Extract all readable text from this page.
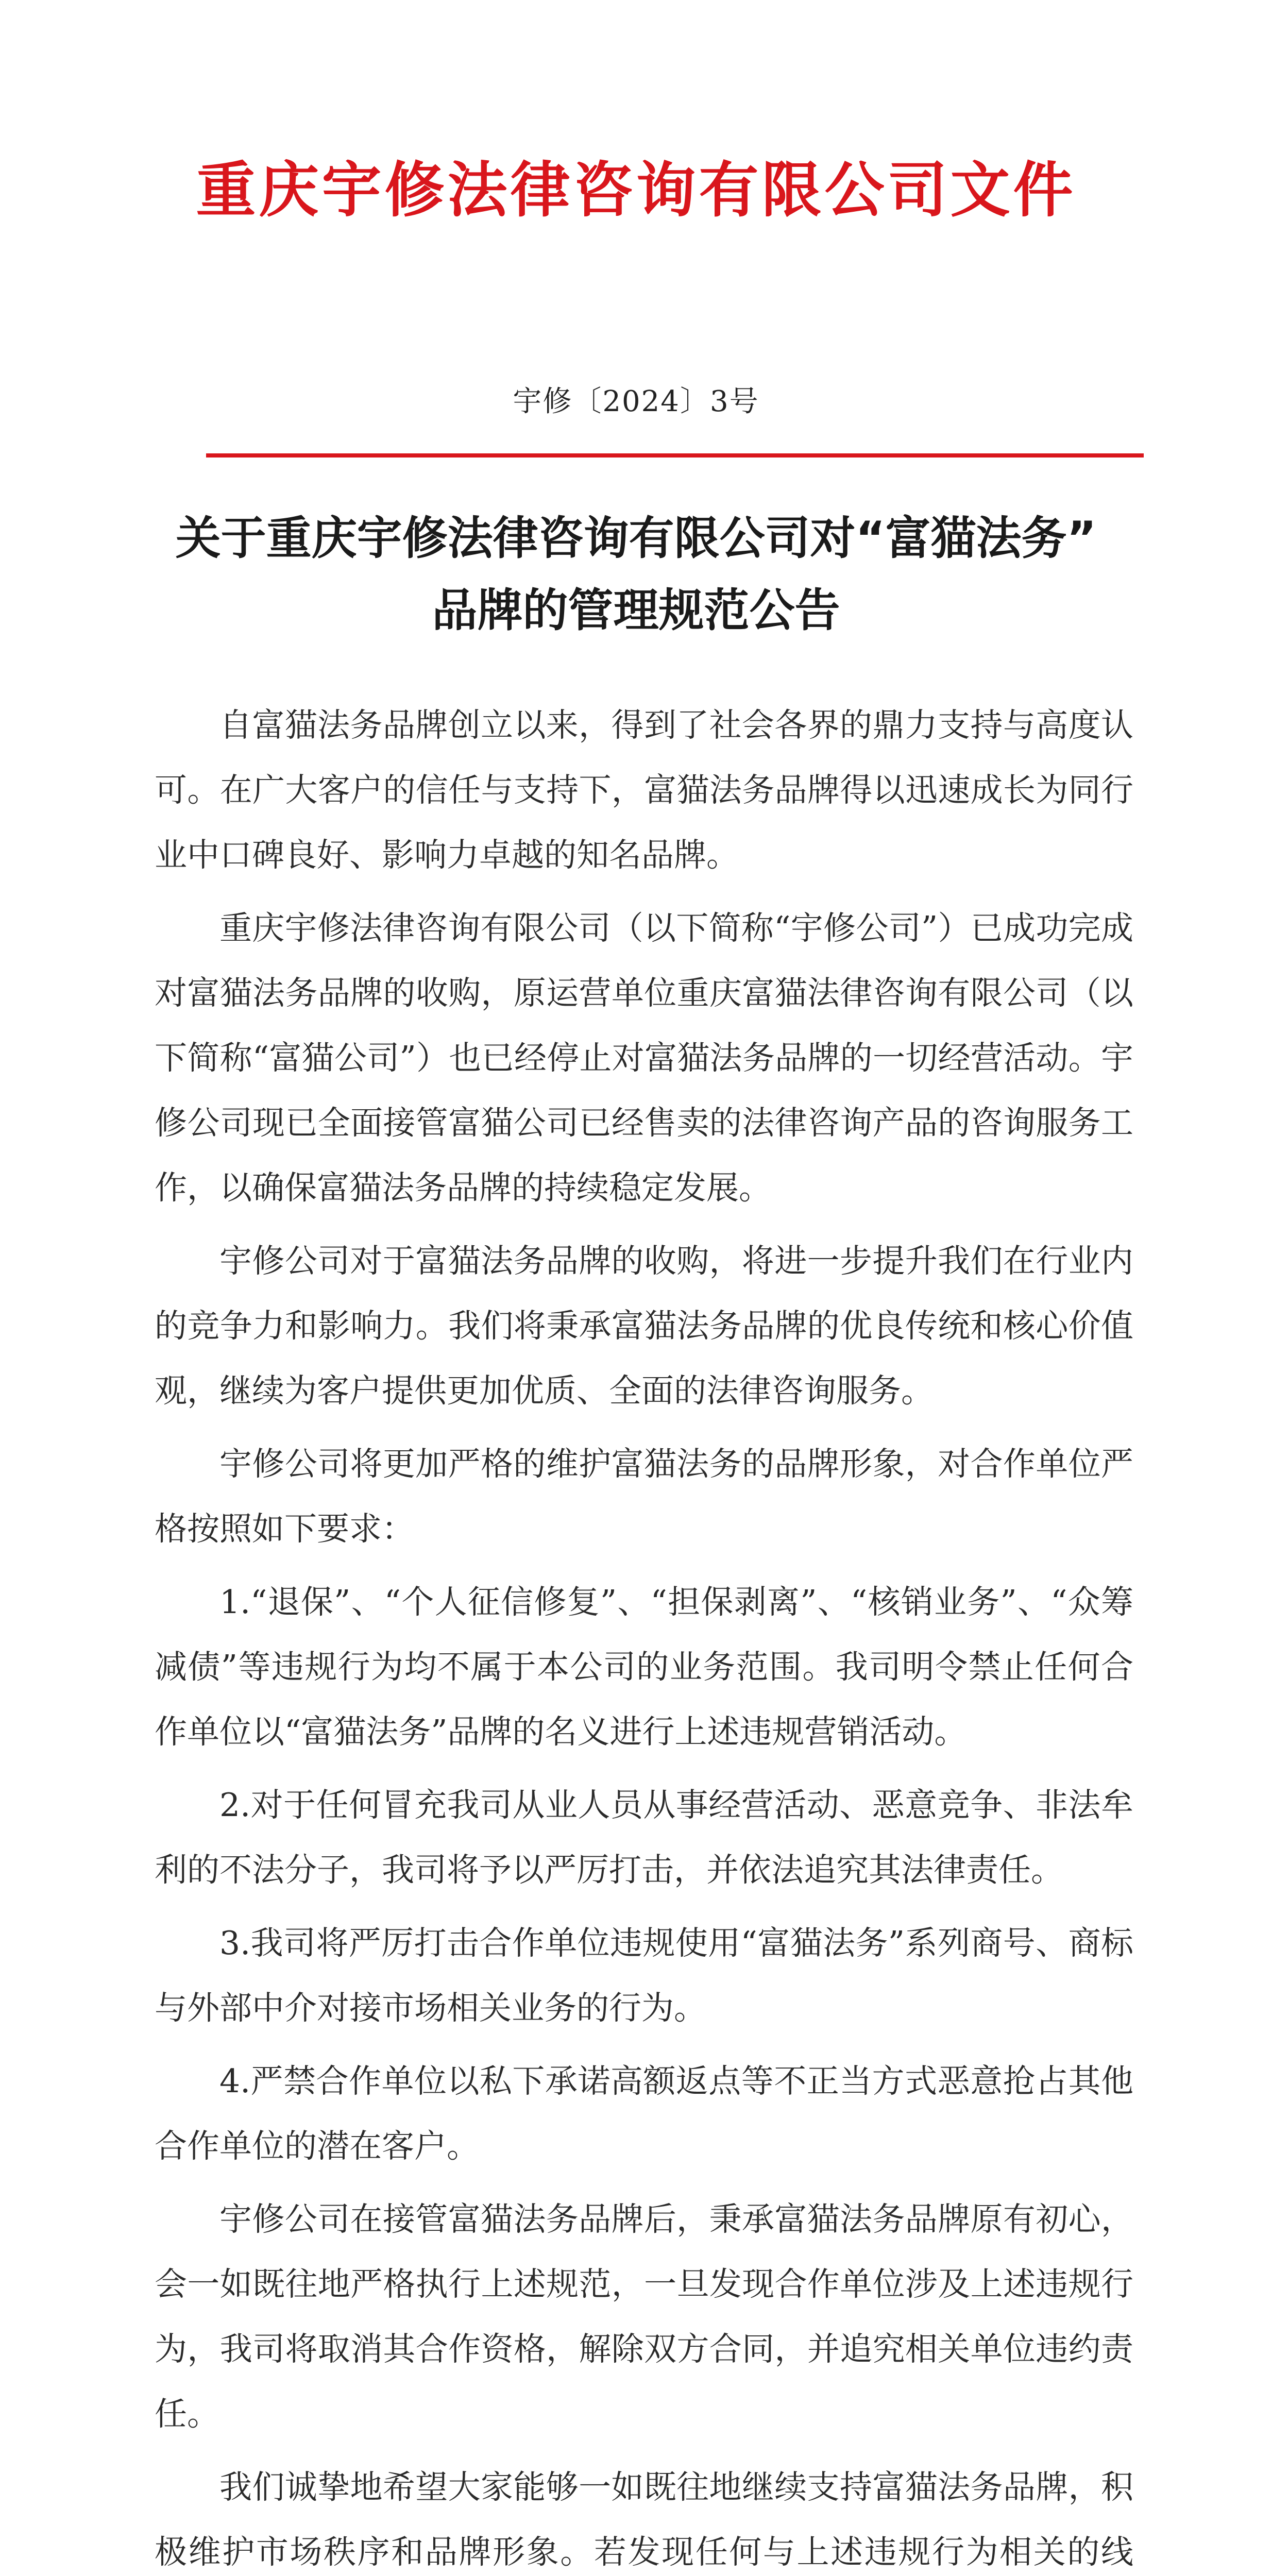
重庆宇修法律咨询有限公司文件
宇修〔2024〕3号
关于重庆宇修法律咨询有限公司对“富猫法务”
品牌的管理规范公告

自富猫法务品牌创立以来，得到了社会各界的鼎力支持与高度认可。在广大客户的信任与支持下，富猫法务品牌得以迅速成长为同行业中口碑良好、影响力卓越的知名品牌。

重庆宇修法律咨询有限公司（以下简称“宇修公司”）已成功完成对富猫法务品牌的收购，原运营单位重庆富猫法律咨询有限公司（以下简称“富猫公司”）也已经停止对富猫法务品牌的一切经营活动。宇修公司现已全面接管富猫公司已经售卖的法律咨询产品的咨询服务工作，以确保富猫法务品牌的持续稳定发展。

宇修公司对于富猫法务品牌的收购，将进一步提升我们在行业内的竞争力和影响力。我们将秉承富猫法务品牌的优良传统和核心价值观，继续为客户提供更加优质、全面的法律咨询服务。

宇修公司将更加严格的维护富猫法务的品牌形象，对合作单位严格按照如下要求：

1.“退保”、“个人征信修复”、“担保剥离”、“核销业务”、“众筹减债”等违规行为均不属于本公司的业务范围。我司明令禁止任何合作单位以“富猫法务”品牌的名义进行上述违规营销活动。

2.对于任何冒充我司从业人员从事经营活动、恶意竞争、非法牟利的不法分子，我司将予以严厉打击，并依法追究其法律责任。

3.我司将严厉打击合作单位违规使用“富猫法务”系列商号、商标与外部中介对接市场相关业务的行为。

4.严禁合作单位以私下承诺高额返点等不正当方式恶意抢占其他合作单位的潜在客户。

宇修公司在接管富猫法务品牌后，秉承富猫法务品牌原有初心，会一如既往地严格执行上述规范，一旦发现合作单位涉及上述违规行为，我司将取消其合作资格，解除双方合同，并追究相关单位违约责任。

我们诚挚地希望大家能够一如既往地继续支持富猫法务品牌，积极维护市场秩序和品牌形象。若发现任何与上述违规行为相关的线
